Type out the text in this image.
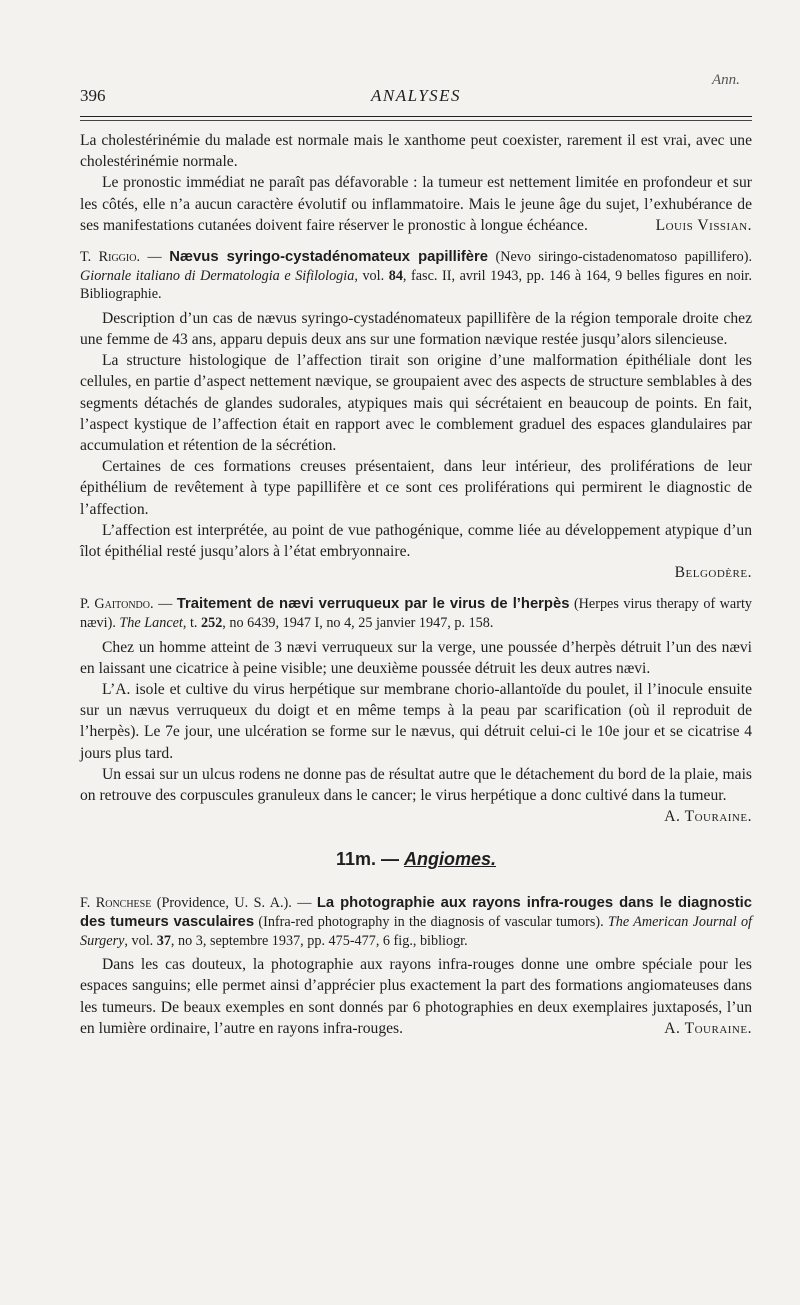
Ann.
396	ANALYSES

La cholestérinémie du malade est normale mais le xanthome peut coexister, rarement il est vrai, avec une cholestérinémie normale.

Le pronostic immédiat ne paraît pas défavorable : la tumeur est nettement limitée en profondeur et sur les côtés, elle n’a aucun caractère évolutif ou inflammatoire. Mais le jeune âge du sujet, l’exhubérance de ses manifestations cutanées doivent faire réserver le pronostic à longue échéance.	Louis Vissian.

T. Riggio. — Nævus syringo-cystadénomateux papillifère (Nevo siringo-cistadenomatoso papillifero). Giornale italiano di Dermatologia e Sifilologia, vol. 84, fasc. II, avril 1943, pp. 146 à 164, 9 belles figures en noir. Bibliographie.

Description d’un cas de nævus syringo-cystadénomateux papillifère de la région temporale droite chez une femme de 43 ans, apparu depuis deux ans sur une formation nævique restée jusqu’alors silencieuse.

La structure histologique de l’affection tirait son origine d’une malformation épithéliale dont les cellules, en partie d’aspect nettement nævique, se groupaient avec des aspects de structure semblables à des segments détachés de glandes sudorales, atypiques mais qui sécrétaient en beaucoup de points. En fait, l’aspect kystique de l’affection était en rapport avec le comblement graduel des espaces glandulaires par accumulation et rétention de la sécrétion.

Certaines de ces formations creuses présentaient, dans leur intérieur, des proliférations de leur épithélium de revêtement à type papillifère et ce sont ces proliférations qui permirent le diagnostic de l’affection.

L’affection est interprétée, au point de vue pathogénique, comme liée au développement atypique d’un îlot épithélial resté jusqu’alors à l’état embryonnaire.

Belgodère.

P. Gaitondo. — Traitement de nævi verruqueux par le virus de l’herpès (Herpes virus therapy of warty nævi). The Lancet, t. 252, no 6439, 1947 I, no 4, 25 janvier 1947, p. 158.

Chez un homme atteint de 3 nævi verruqueux sur la verge, une poussée d’herpès détruit l’un des nævi en laissant une cicatrice à peine visible; une deuxième poussée détruit les deux autres nævi.

L’A. isole et cultive du virus herpétique sur membrane chorio-allantoïde du poulet, il l’inocule ensuite sur un nævus verruqueux du doigt et en même temps à la peau par scarification (où il reproduit de l’herpès). Le 7e jour, une ulcération se forme sur le nævus, qui détruit celui-ci le 10e jour et se cicatrise 4 jours plus tard.

Un essai sur un ulcus rodens ne donne pas de résultat autre que le détachement du bord de la plaie, mais on retrouve des corpuscules granuleux dans le cancer; le virus herpétique a donc cultivé dans la tumeur.
A. Touraine.

11m. — Angiomes.
F. Ronchese (Providence, U. S. A.). — La photographie aux rayons infra-rouges dans le diagnostic des tumeurs vasculaires (Infra-red photography in the diagnosis of vascular tumors). The American Journal of Surgery, vol. 37, no 3, septembre 1937, pp. 475-477, 6 fig., bibliogr.

Dans les cas douteux, la photographie aux rayons infra-rouges donne une ombre spéciale pour les espaces sanguins; elle permet ainsi d’apprécier plus exactement la part des formations angiomateuses dans les tumeurs. De beaux exemples en sont donnés par 6 photographies en deux exemplaires juxtaposés, l’un en lumière ordinaire, l’autre en rayons infra-rouges.	A. Touraine.
